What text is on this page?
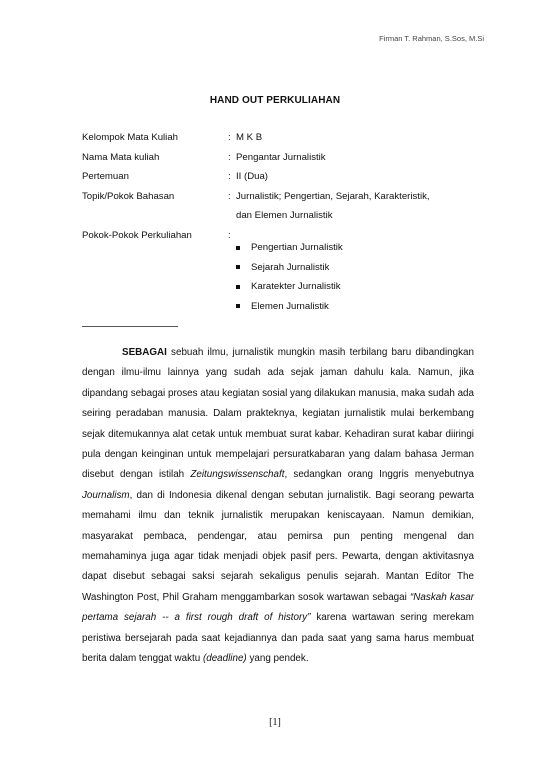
Firman T. Rahman, S.Sos, M.Si
HAND OUT PERKULIAHAN
Kelompok Mata Kuliah	: M K B
Nama Mata kuliah	: Pengantar Jurnalistik
Pertemuan	: II (Dua)
Topik/Pokok Bahasan	: Jurnalistik; Pengertian, Sejarah, Karakteristik,
dan Elemen Jurnalistik
Pokok-Pokok Perkuliahan	:
Pengertian Jurnalistik
Sejarah Jurnalistik
Karatekter Jurnalistik
Elemen Jurnalistik

SEBAGAI sebuah ilmu, jurnalistik mungkin masih terbilang baru dibandingkan dengan ilmu-ilmu lainnya yang sudah ada sejak jaman dahulu kala. Namun, jika dipandang sebagai proses atau kegiatan sosial yang dilakukan manusia, maka sudah ada seiring peradaban manusia. Dalam prakteknya, kegiatan jurnalistik mulai berkembang sejak ditemukannya alat cetak untuk membuat surat kabar. Kehadiran surat kabar diiringi pula dengan keinginan untuk mempelajari persuratkabaran yang dalam bahasa Jerman disebut dengan istilah Zeitungswissenschaft, sedangkan orang Inggris menyebutnya Journalism, dan di Indonesia dikenal dengan sebutan jurnalistik. Bagi seorang pewarta memahami ilmu dan teknik jurnalistik merupakan keniscayaan. Namun demikian, masyarakat pembaca, pendengar, atau pemirsa pun penting mengenal dan memahaminya juga agar tidak menjadi objek pasif pers. Pewarta, dengan aktivitasnya dapat disebut sebagai saksi sejarah sekaligus penulis sejarah. Mantan Editor The Washington Post, Phil Graham menggambarkan sosok wartawan sebagai “Naskah kasar pertama sejarah -- a first rough draft of history” karena wartawan sering merekam peristiwa bersejarah pada saat kejadiannya dan pada saat yang sama harus membuat berita dalam tenggat waktu (deadline) yang pendek.

[1]
